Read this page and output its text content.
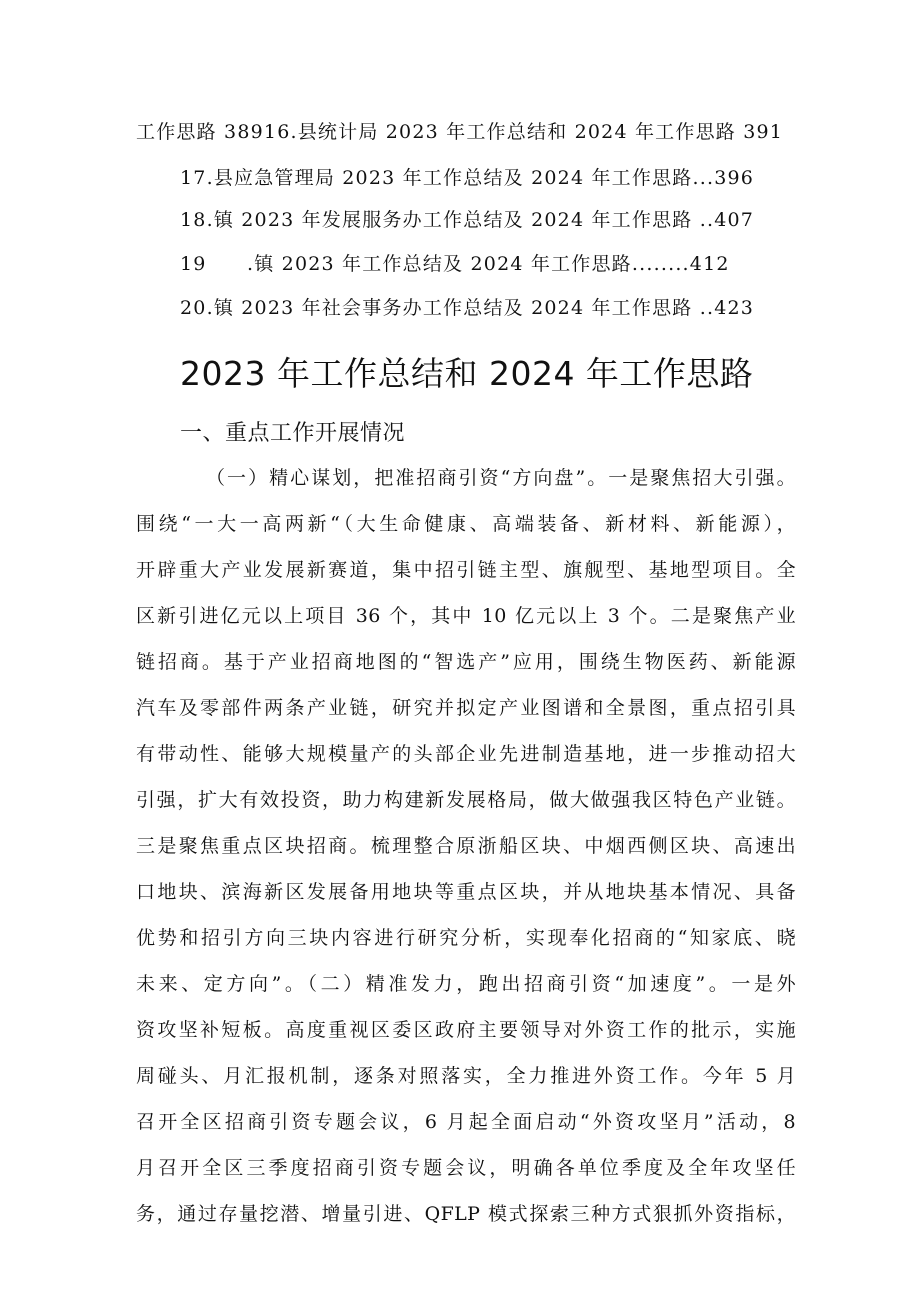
工作思路 38916.县统计局 2023 年工作总结和 2024 年工作思路 391
17.县应急管理局 2023 年工作总结及 2024 年工作思路...396
18.镇 2023 年发展服务办工作总结及 2024 年工作思路 ..407
19　　.镇 2023 年工作总结及 2024 年工作思路........412
20.镇 2023 年社会事务办工作总结及 2024 年工作思路 ..423
2023 年工作总结和 2024 年工作思路
一、重点工作开展情况
（一）精心谋划，把准招商引资“方向盘”。一是聚焦招大引强。
围绕“一大一高两新“（大生命健康、高端装备、新材料、新能源），
开辟重大产业发展新赛道，集中招引链主型、旗舰型、基地型项目。全
区新引进亿元以上项目 36 个，其中 10 亿元以上 3 个。二是聚焦产业
链招商。基于产业招商地图的“智选产”应用，围绕生物医药、新能源
汽车及零部件两条产业链，研究并拟定产业图谱和全景图，重点招引具
有带动性、能够大规模量产的头部企业先进制造基地，进一步推动招大
引强，扩大有效投资，助力构建新发展格局，做大做强我区特色产业链。
三是聚焦重点区块招商。梳理整合原浙船区块、中烟西侧区块、高速出
口地块、滨海新区发展备用地块等重点区块，并从地块基本情况、具备
优势和招引方向三块内容进行研究分析，实现奉化招商的“知家底、晓
未来、定方向”。（二）精准发力，跑出招商引资“加速度”。一是外
资攻坚补短板。高度重视区委区政府主要领导对外资工作的批示，实施
周碰头、月汇报机制，逐条对照落实，全力推进外资工作。今年 5 月
召开全区招商引资专题会议，6 月起全面启动“外资攻坚月”活动，8
月召开全区三季度招商引资专题会议，明确各单位季度及全年攻坚任
务，通过存量挖潜、增量引进、QFLP 模式探索三种方式狠抓外资指标，
